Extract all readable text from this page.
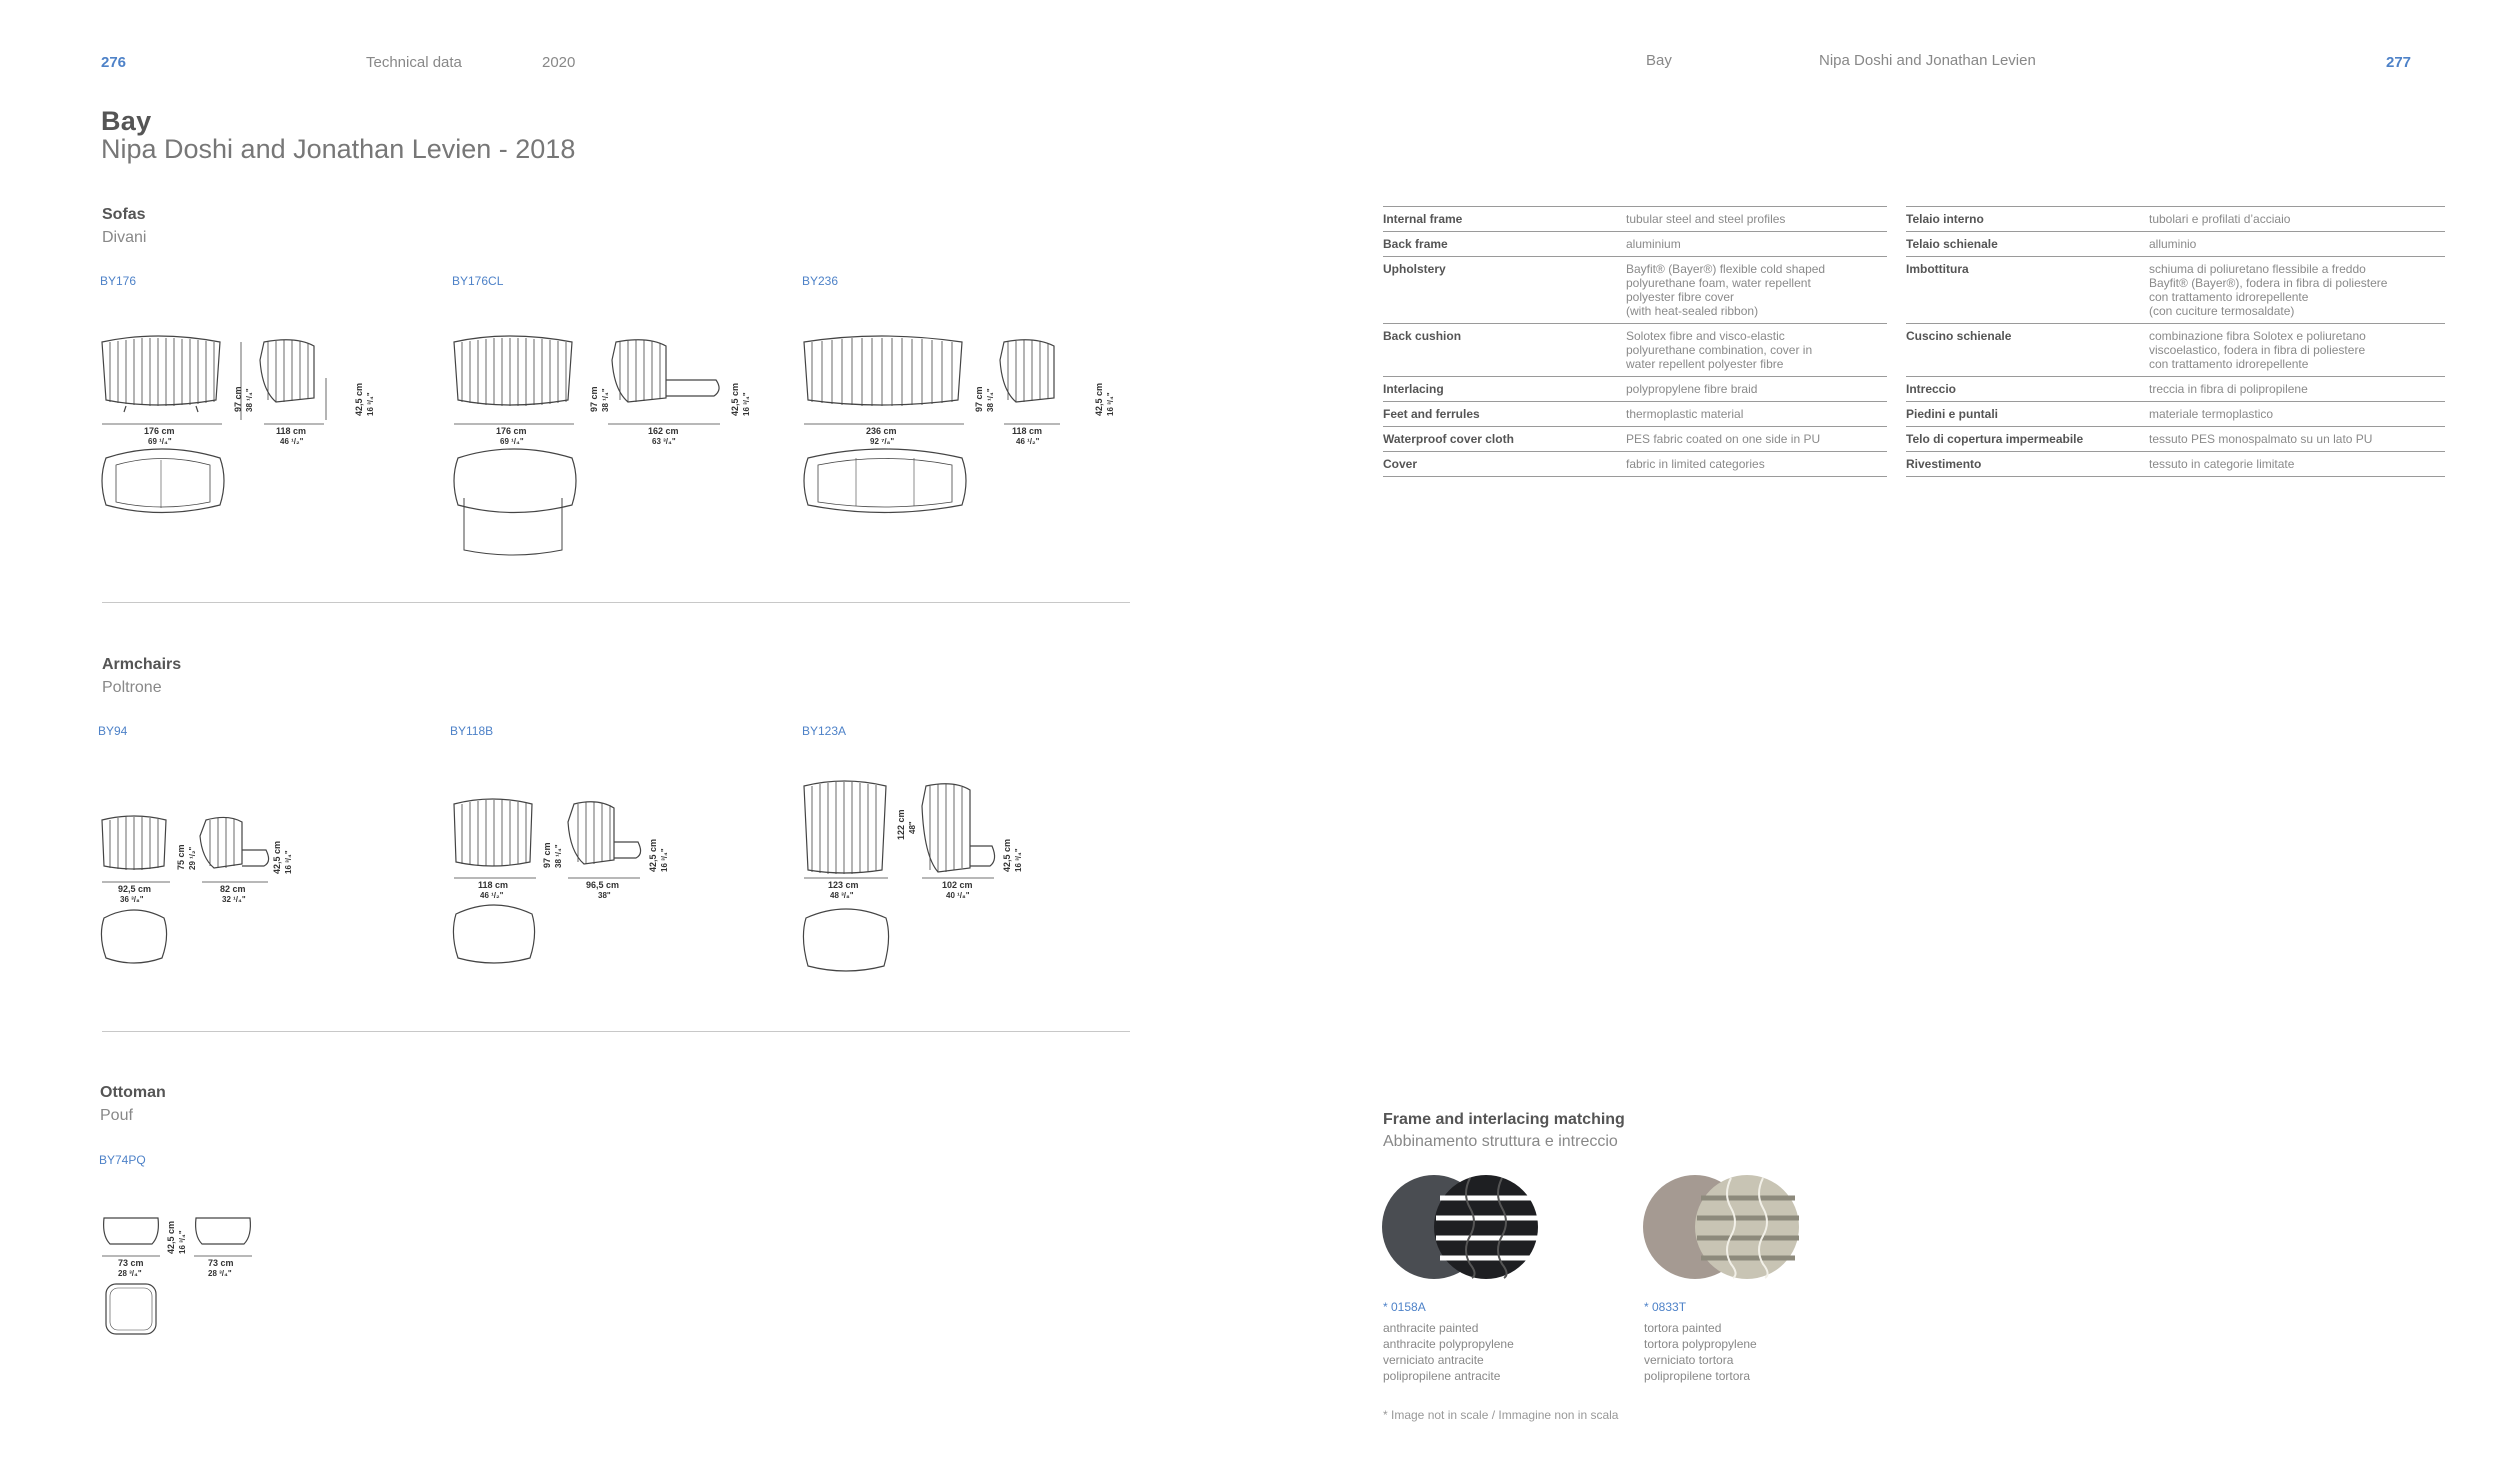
276	Technical data	2020
Bay
Nipa Doshi and Jonathan Levien - 2018
Sofas
Divani
BY176	BY176CL	BY236
176 cm
69 ¹/₄"
118 cm
46 ¹/₂"
97 cm 38 ¹/₄"	42,5 cm 16 ³/₄"
176 cm
69 ¹/₄"
162 cm
63 ³/₄"
97 cm 38 ¹/₄"	42,5 cm 16 ³/₄"
236 cm
92 ⁷/₈"
118 cm
46 ¹/₂"
97 cm 38 ¹/₄"	42,5 cm 16 ³/₄"
Armchairs
Poltrone
BY94	BY118B	BY123A
92,5 cm
36 ³/₈"
82 cm
32 ¹/₄"
75 cm 29 ¹/₂"	42,5 cm 16 ³/₄"
118 cm
46 ¹/₂"
96,5 cm
38"
97 cm 38 ¹/₄"	42,5 cm 16 ³/₄"
123 cm
48 ³/₈"
102 cm
40 ¹/₈"
122 cm 48"
42,5 cm 16 ³/₄"
Ottoman
Pouf
BY74PQ
73 cm
28 ³/₄"
73 cm
28 ³/₄"
42,5 cm 16 ³/₄"
Bay	Nipa Doshi and Jonathan Levien	277
Internal frame	tubular steel and steel profiles
Back frame	aluminium
Upholstery	Bayfit® (Bayer®) flexible cold shaped
polyurethane foam, water repellent
polyester fibre cover
(with heat-sealed ribbon)
Back cushion	Solotex fibre and visco-elastic
polyurethane combination, cover in
water repellent polyester fibre
Interlacing	polypropylene fibre braid
Feet and ferrules	thermoplastic material
Waterproof cover cloth	PES fabric coated on one side in PU
Cover	fabric in limited categories
Telaio interno	tubolari e profilati d’acciaio
Telaio schienale	alluminio
Imbottitura	schiuma di poliuretano flessibile a freddo
Bayfit® (Bayer®), fodera in fibra di poliestere
con trattamento idrorepellente
(con cuciture termosaldate)
Cuscino schienale	combinazione fibra Solotex e poliuretano
viscoelastico, fodera in fibra di poliestere
con trattamento idrorepellente
Intreccio	treccia in fibra di polipropilene
Piedini e puntali	materiale termoplastico
Telo di copertura impermeabile	tessuto PES monospalmato su un lato PU
Rivestimento	tessuto in categorie limitate
Frame and interlacing matching
Abbinamento struttura e intreccio
* 0158A
anthracite painted
anthracite polypropylene
verniciato antracite
polipropilene antracite
* 0833T
tortora painted
tortora polypropylene
verniciato tortora
polipropilene tortora
* Image not in scale / Immagine non in scala
